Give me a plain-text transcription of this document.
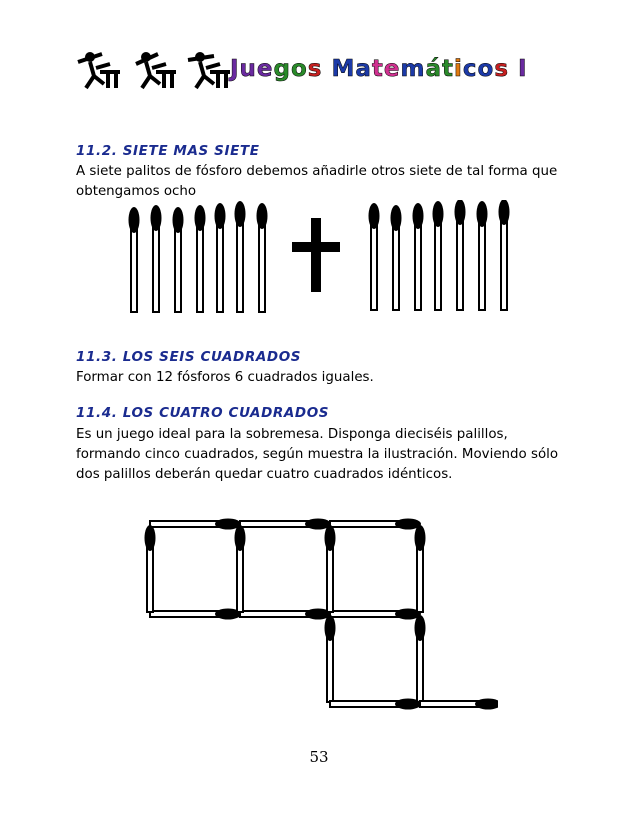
Juegos Matemáticos I
11.2. SIETE MAS SIETE
A siete palitos de fósforo debemos añadirle otros siete de tal forma que obtengamos ocho
11.3. LOS SEIS CUADRADOS
Formar con 12 fósforos 6 cuadrados iguales.
11.4. LOS CUATRO CUADRADOS
Es un juego ideal para la sobremesa. Disponga dieciséis palillos, formando cinco cuadrados, según muestra la ilustración. Moviendo sólo dos palillos deberán quedar cuatro cuadrados idénticos.
53
